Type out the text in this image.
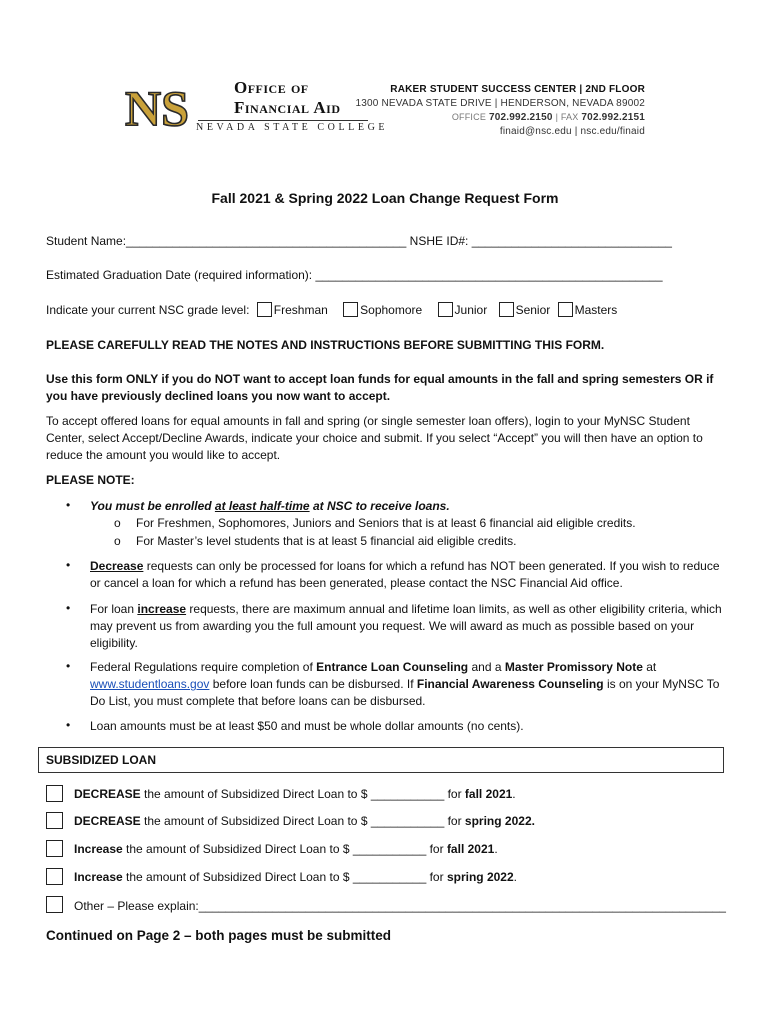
NS	Office of
Financial Aid
NEVADA STATE COLLEGE
RAKER STUDENT SUCCESS CENTER | 2ND FLOOR
1300 NEVADA STATE DRIVE | HENDERSON, NEVADA 89002
OFFICE 702.992.2150 | FAX 702.992.2151
finaid@nsc.edu | nsc.edu/finaid
Fall 2021 & Spring 2022 Loan Change Request Form
Student Name:__________________________________________ NSHE ID#: ______________________________
Estimated Graduation Date (required information): ____________________________________________________
Indicate your current NSC grade level: Freshman	Sophomore	Junior Senior Masters
PLEASE CAREFULLY READ THE NOTES AND INSTRUCTIONS BEFORE SUBMITTING THIS FORM.
Use this form ONLY if you do NOT want to accept loan funds for equal amounts in the fall and spring semesters OR if you have previously declined loans you now want to accept.
To accept offered loans for equal amounts in fall and spring (or single semester loan offers), login to your MyNSC Student Center, select Accept/Decline Awards, indicate your choice and submit. If you select “Accept” you will then have an option to reduce the amount you would like to accept.
PLEASE NOTE:
• You must be enrolled at least half-time at NSC to receive loans.
o For Freshmen, Sophomores, Juniors and Seniors that is at least 6 financial aid eligible credits.
o For Master’s level students that is at least 5 financial aid eligible credits.
• Decrease requests can only be processed for loans for which a refund has NOT been generated. If you wish to reduce or cancel a loan for which a refund has been generated, please contact the NSC Financial Aid office.
• For loan increase requests, there are maximum annual and lifetime loan limits, as well as other eligibility criteria, which may prevent us from awarding you the full amount you request. We will award as much as possible based on your eligibility.
• Federal Regulations require completion of Entrance Loan Counseling and a Master Promissory Note at www.studentloans.gov before loan funds can be disbursed. If Financial Awareness Counseling is on your MyNSC To Do List, you must complete that before loans can be disbursed.
• Loan amounts must be at least $50 and must be whole dollar amounts (no cents).
SUBSIDIZED LOAN
DECREASE the amount of Subsidized Direct Loan to $ ___________ for fall 2021.
DECREASE the amount of Subsidized Direct Loan to $ ___________ for spring 2022.
Increase the amount of Subsidized Direct Loan to $ ___________ for fall 2021.
Increase the amount of Subsidized Direct Loan to $ ___________ for spring 2022.
Other – Please explain:_______________________________________________________________________________
Continued on Page 2 – both pages must be submitted
